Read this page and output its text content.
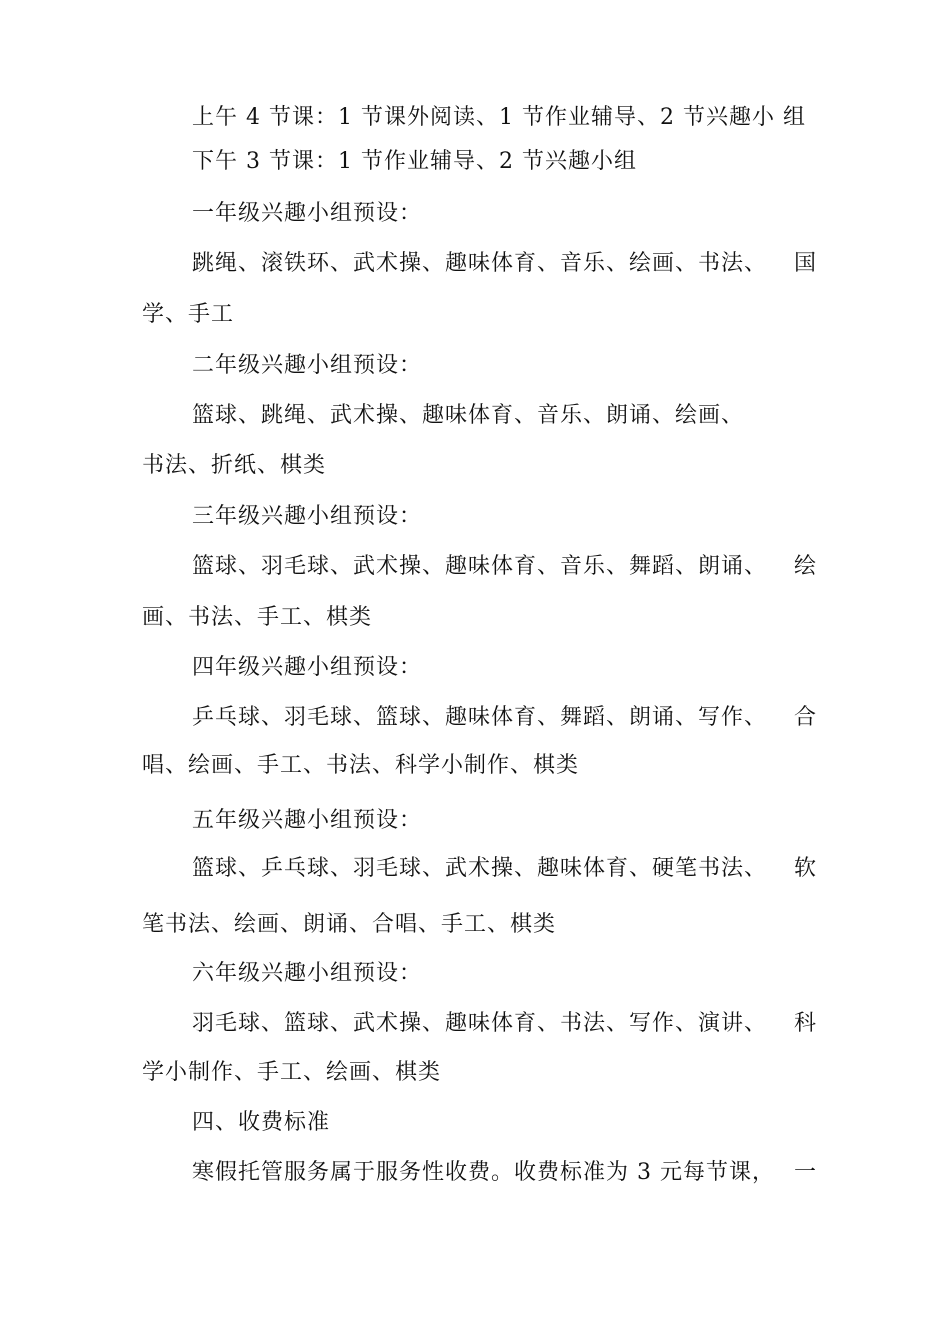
上午 4 节课：1 节课外阅读、1 节作业辅导、2 节兴趣小 组
下午 3 节课：1 节作业辅导、2 节兴趣小组
一年级兴趣小组预设：
跳绳、滚铁环、武术操、趣味体育、音乐、绘画、书法、 国
学、手工
二年级兴趣小组预设：
篮球、跳绳、武术操、趣味体育、音乐、朗诵、绘画、
书法、折纸、棋类
三年级兴趣小组预设：
篮球、羽毛球、武术操、趣味体育、音乐、舞蹈、朗诵、 绘
画、书法、手工、棋类
四年级兴趣小组预设：
乒乓球、羽毛球、篮球、趣味体育、舞蹈、朗诵、写作、 合
唱、绘画、手工、书法、科学小制作、棋类
五年级兴趣小组预设：
篮球、乒乓球、羽毛球、武术操、趣味体育、硬笔书法、 软
笔书法、绘画、朗诵、合唱、手工、棋类
六年级兴趣小组预设：
羽毛球、篮球、武术操、趣味体育、书法、写作、演讲、 科
学小制作、手工、绘画、棋类
四、收费标准
寒假托管服务属于服务性收费。收费标准为 3 元每节课， 一
